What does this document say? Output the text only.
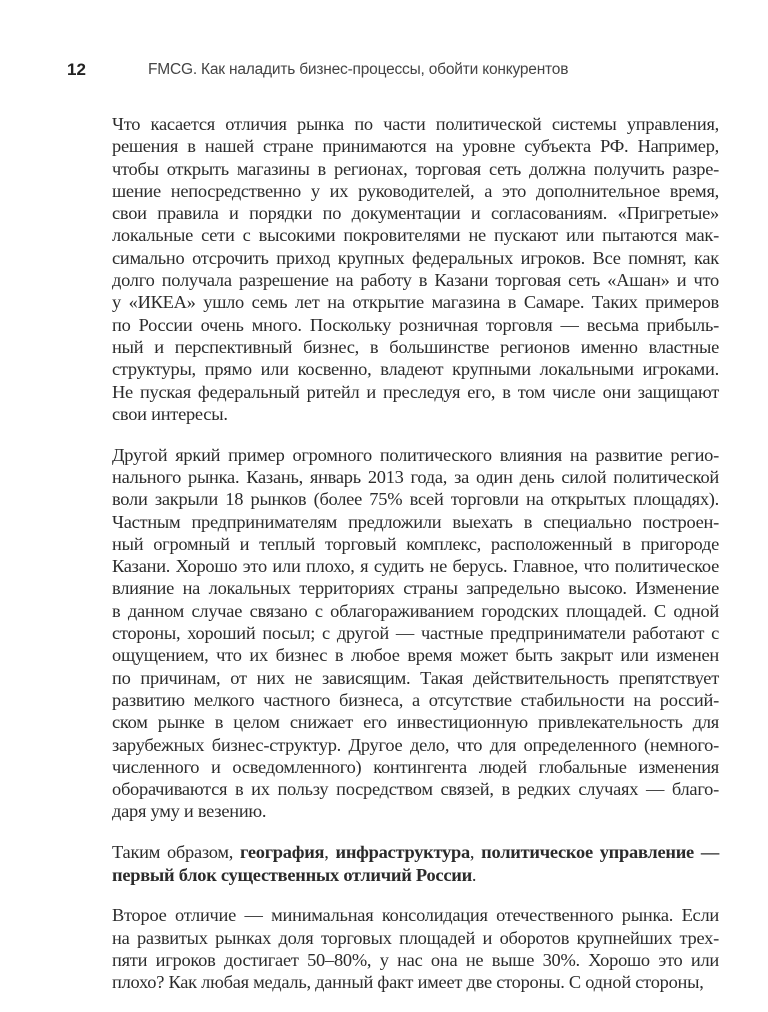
12	FMCG. Как наладить бизнес-процессы, обойти конкурентов
Что касается отличия рынка по части политической системы управления,
решения в нашей стране принимаются на уровне субъекта РФ. Например,
чтобы открыть магазины в регионах, торговая сеть должна получить разре-
шение непосредственно у их руководителей, а это дополнительное время,
свои правила и порядки по документации и согласованиям. «Пригретые»
локальные сети с высокими покровителями не пускают или пытаются мак-
симально отсрочить приход крупных федеральных игроков. Все помнят, как
долго получала разрешение на работу в Казани торговая сеть «Ашан» и что
у «ИКЕА» ушло семь лет на открытие магазина в Самаре. Таких примеров
по России очень много. Поскольку розничная торговля — весьма прибыль-
ный и перспективный бизнес, в большинстве регионов именно властные
структуры, прямо или косвенно, владеют крупными локальными игроками.
Не пуская федеральный ритейл и преследуя его, в том числе они защищают
свои интересы.
Другой яркий пример огромного политического влияния на развитие регио-
нального рынка. Казань, январь 2013 года, за один день силой политической
воли закрыли 18 рынков (более 75% всей торговли на открытых площадях).
Частным предпринимателям предложили выехать в специально построен-
ный огромный и теплый торговый комплекс, расположенный в пригороде
Казани. Хорошо это или плохо, я судить не берусь. Главное, что политическое
влияние на локальных территориях страны запредельно высоко. Изменение
в данном случае связано с облагораживанием городских площадей. С одной
стороны, хороший посыл; с другой — частные предприниматели работают с
ощущением, что их бизнес в любое время может быть закрыт или изменен
по причинам, от них не зависящим. Такая действительность препятствует
развитию мелкого частного бизнеса, а отсутствие стабильности на россий-
ском рынке в целом снижает его инвестиционную привлекательность для
зарубежных бизнес-структур. Другое дело, что для определенного (немного-
численного и осведомленного) контингента людей глобальные изменения
оборачиваются в их пользу посредством связей, в редких случаях — благо-
даря уму и везению.
Таким образом, география, инфраструктура, политическое управление —
первый блок существенных отличий России.
Второе отличие — минимальная консолидация отечественного рынка. Если
на развитых рынках доля торговых площадей и оборотов крупнейших трех-
пяти игроков достигает 50–80%, у нас она не выше 30%. Хорошо это или
плохо? Как любая медаль, данный факт имеет две стороны. С одной стороны,
